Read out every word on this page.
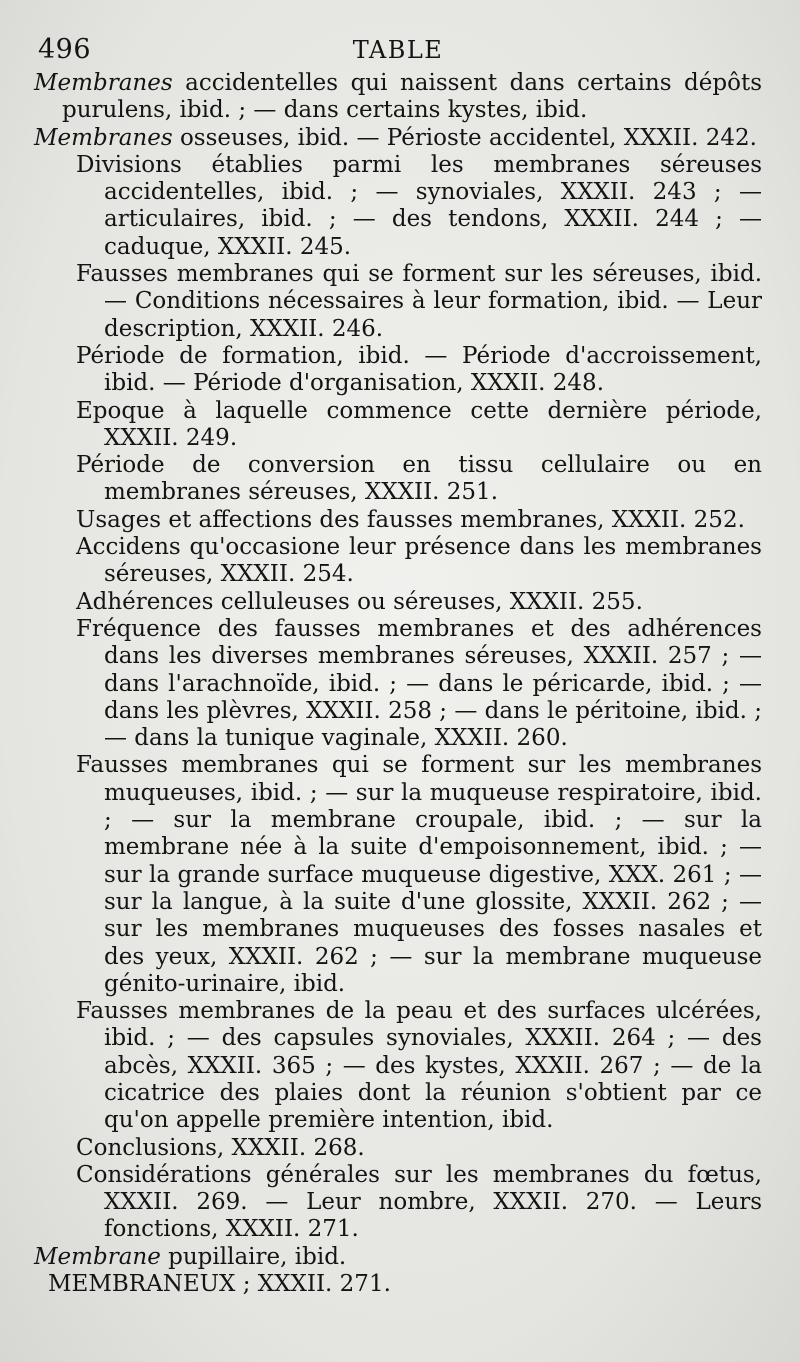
496	TABLE

Membranes accidentelles qui naissent dans certains dépôts purulens, ibid. ; — dans certains kystes, ibid.

Membranes osseuses, ibid. — Périoste accidentel, XXXII. 242.

Divisions établies parmi les membranes séreuses accidentelles, ibid. ; — synoviales, XXXII. 243 ; — articulaires, ibid. ; — des tendons, XXXII. 244 ; — caduque, XXXII. 245.

Fausses membranes qui se forment sur les séreuses, ibid. — Conditions nécessaires à leur formation, ibid. — Leur description, XXXII. 246.

Période de formation, ibid. — Période d'accroissement, ibid. — Période d'organisation, XXXII. 248.

Epoque à laquelle commence cette dernière période, XXXII. 249.

Période de conversion en tissu cellulaire ou en membranes séreuses, XXXII. 251.

Usages et affections des fausses membranes, XXXII. 252.

Accidens qu'occasione leur présence dans les membranes séreuses, XXXII. 254.

Adhérences celluleuses ou séreuses, XXXII. 255.

Fréquence des fausses membranes et des adhérences dans les diverses membranes séreuses, XXXII. 257 ; — dans l'arachnoïde, ibid. ; — dans le péricarde, ibid. ; — dans les plèvres, XXXII. 258 ; — dans le péritoine, ibid. ; — dans la tunique vaginale, XXXII. 260.

Fausses membranes qui se forment sur les membranes muqueuses, ibid. ; — sur la muqueuse respiratoire, ibid. ; — sur la membrane croupale, ibid. ; — sur la membrane née à la suite d'empoisonnement, ibid. ; — sur la grande surface muqueuse digestive, XXX. 261 ; — sur la langue, à la suite d'une glossite, XXXII. 262 ; — sur les membranes muqueuses des fosses nasales et des yeux, XXXII. 262 ; — sur la membrane muqueuse génito-urinaire, ibid.

Fausses membranes de la peau et des surfaces ulcérées, ibid. ; — des capsules synoviales, XXXII. 264 ; — des abcès, XXXII. 365 ; — des kystes, XXXII. 267 ; — de la cicatrice des plaies dont la réunion s'obtient par ce qu'on appelle première intention, ibid.

Conclusions, XXXII. 268.

Considérations générales sur les membranes du fœtus, XXXII. 269. — Leur nombre, XXXII. 270. — Leurs fonctions, XXXII. 271.

Membrane pupillaire, ibid.

MEMBRANEUX ; XXXII. 271.
